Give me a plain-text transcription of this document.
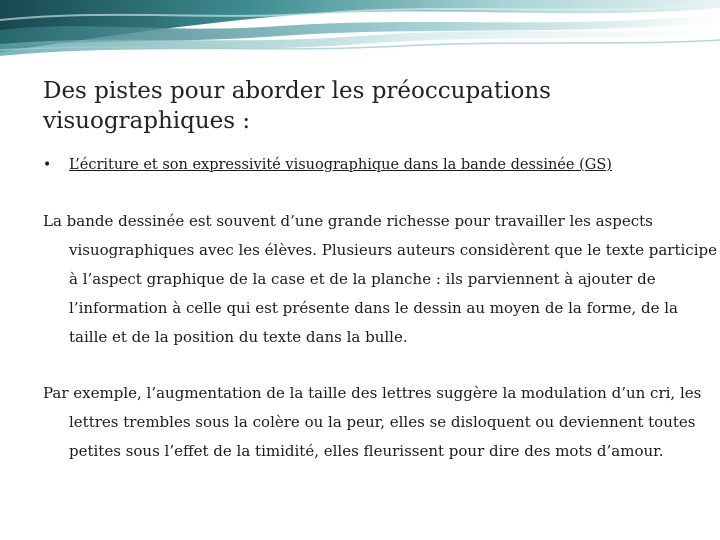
Des pistes pour aborder les préoccupations visuographiques :
• L’écriture et son expressivité visuographique dans la bande dessinée (GS)

La bande dessinée est souvent d’une grande richesse pour travailler les aspects visuographiques avec les élèves. Plusieurs auteurs considèrent que le texte participe à l’aspect graphique de la case et de la planche : ils parviennent à ajouter de l’information à celle qui est présente dans le dessin au moyen de la forme, de la taille et de la position du texte dans la bulle.

Par exemple, l’augmentation de la taille des lettres suggère la modulation d’un cri, les lettres trembles sous la colère ou la peur, elles se disloquent ou deviennent toutes petites sous l’effet de la timidité, elles fleurissent pour dire des mots d’amour.
